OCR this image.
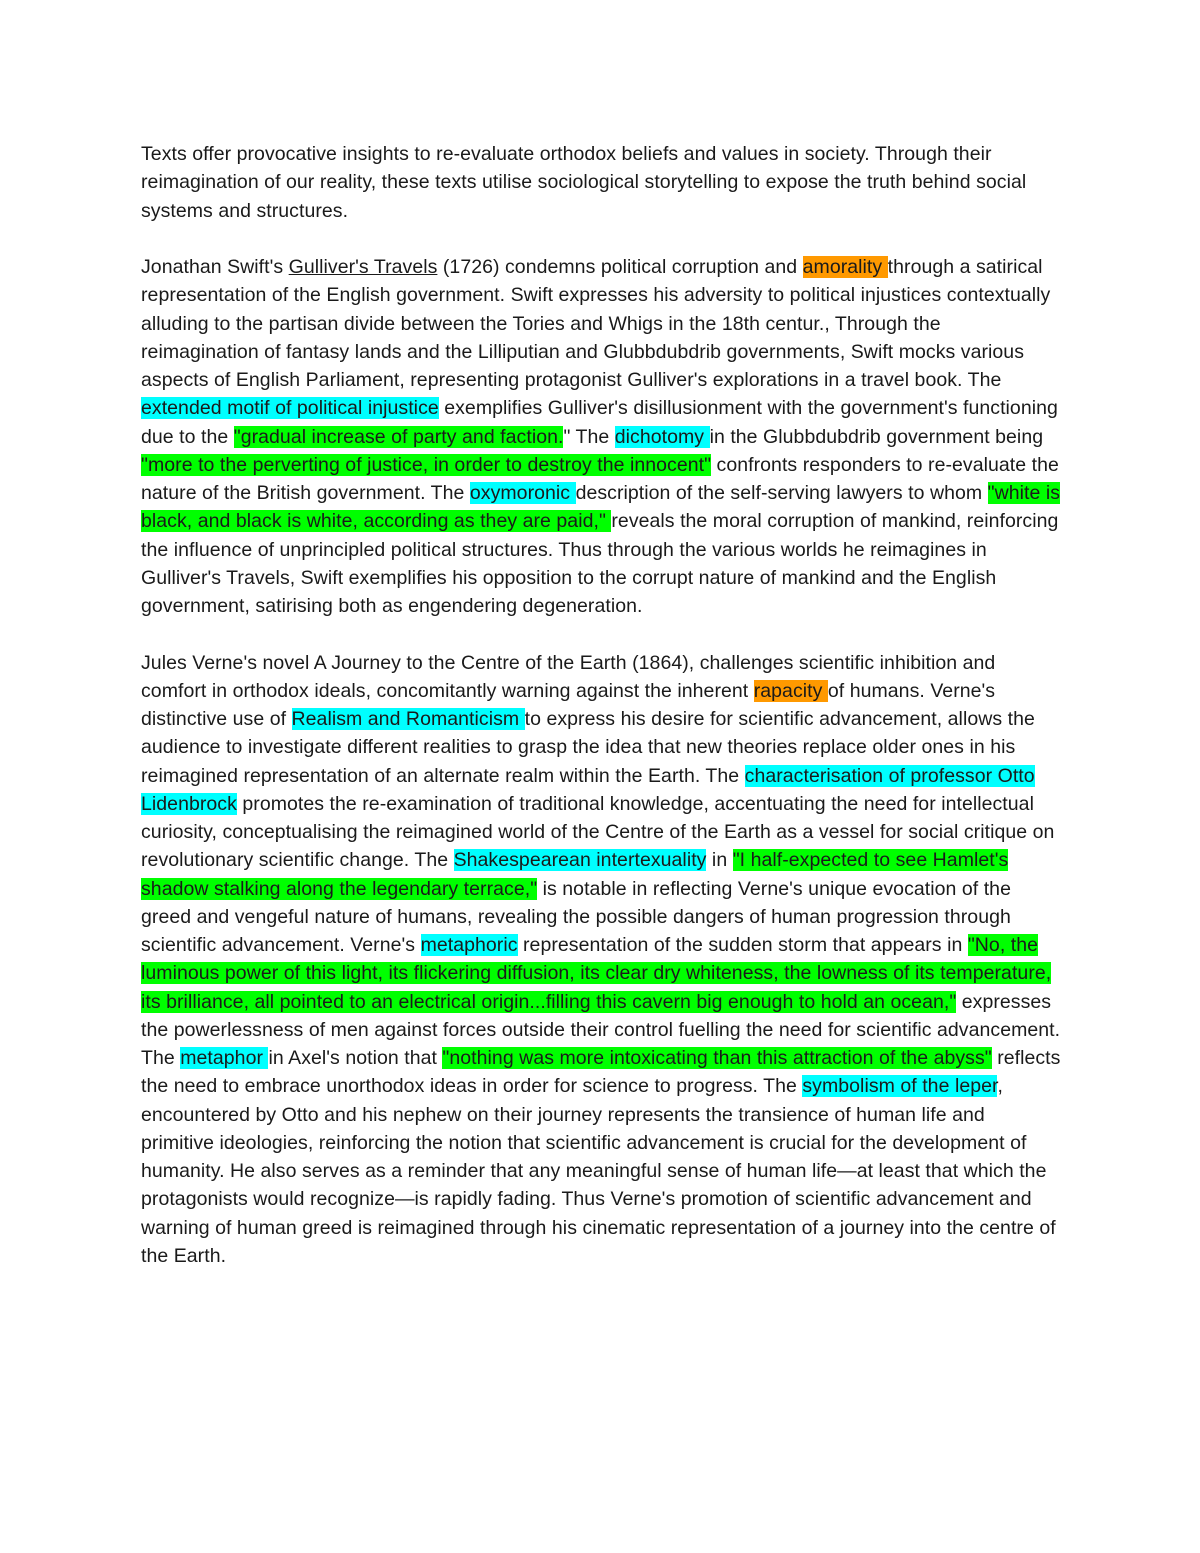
Texts offer provocative insights to re-evaluate orthodox beliefs and values in society. Through their reimagination of our reality, these texts utilise sociological storytelling to expose the truth behind social systems and structures.

Jonathan Swift's Gulliver's Travels (1726) condemns political corruption and amorality through a satirical representation of the English government. Swift expresses his adversity to political injustices contextually alluding to the partisan divide between the Tories and Whigs in the 18th centur., Through the reimagination of fantasy lands and the Lilliputian and Glubbdubdrib governments, Swift mocks various aspects of English Parliament, representing protagonist Gulliver's explorations in a travel book. The extended motif of political injustice exemplifies Gulliver's disillusionment with the government's functioning due to the "gradual increase of party and faction." The dichotomy in the Glubbdubdrib government being "more to the perverting of justice, in order to destroy the innocent" confronts responders to re-evaluate the nature of the British government. The oxymoronic description of the self-serving lawyers to whom "white is black, and black is white, according as they are paid," reveals the moral corruption of mankind, reinforcing the influence of unprincipled political structures. Thus through the various worlds he reimagines in Gulliver's Travels, Swift exemplifies his opposition to the corrupt nature of mankind and the English government, satirising both as engendering degeneration.

Jules Verne's novel A Journey to the Centre of the Earth (1864), challenges scientific inhibition and comfort in orthodox ideals, concomitantly warning against the inherent rapacity of humans. Verne's distinctive use of Realism and Romanticism to express his desire for scientific advancement, allows the audience to investigate different realities to grasp the idea that new theories replace older ones in his reimagined representation of an alternate realm within the Earth. The characterisation of professor Otto Lidenbrock promotes the re-examination of traditional knowledge, accentuating the need for intellectual curiosity, conceptualising the reimagined world of the Centre of the Earth as a vessel for social critique on revolutionary scientific change. The Shakespearean intertexuality in "I half-expected to see Hamlet's shadow stalking along the legendary terrace," is notable in reflecting Verne's unique evocation of the greed and vengeful nature of humans, revealing the possible dangers of human progression through scientific advancement. Verne's metaphoric representation of the sudden storm that appears in "No, the luminous power of this light, its flickering diffusion, its clear dry whiteness, the lowness of its temperature, its brilliance, all pointed to an electrical origin...filling this cavern big enough to hold an ocean," expresses the powerlessness of men against forces outside their control fuelling the need for scientific advancement. The metaphor in Axel's notion that "nothing was more intoxicating than this attraction of the abyss" reflects the need to embrace unorthodox ideas in order for science to progress. The symbolism of the leper, encountered by Otto and his nephew on their journey represents the transience of human life and primitive ideologies, reinforcing the notion that scientific advancement is crucial for the development of humanity. He also serves as a reminder that any meaningful sense of human life—at least that which the protagonists would recognize—is rapidly fading. Thus Verne's promotion of scientific advancement and warning of human greed is reimagined through his cinematic representation of a journey into the centre of the Earth.
